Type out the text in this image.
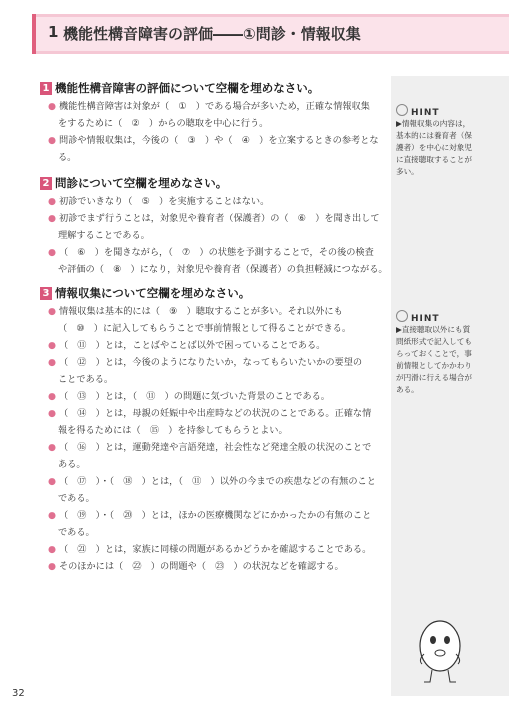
1 機能性構音障害の評価――①問診・情報収集
1 機能性構音障害の評価について空欄を埋めなさい。
● 機能性構音障害は対象が（　①　）である場合が多いため，正確な情報収集
をするために（　②　）からの聴取を中心に行う。
● 問診や情報収集は，今後の（　③　）や（　④　）を立案するときの参考とな
る。
2 問診について空欄を埋めなさい。
● 初診でいきなり（　⑤　）を実施することはない。
● 初診でまず行うことは，対象児や養育者（保護者）の（　⑥　）を聞き出して
理解することである。
● （　⑥　）を聞きながら，（　⑦　）の状態を予測することで，その後の検査
や評価の（　⑧　）になり，対象児や養育者（保護者）の負担軽減につながる。
3 情報収集について空欄を埋めなさい。
● 情報収集は基本的には（　⑨　）聴取することが多い。それ以外にも
（　⑩　）に記入してもらうことで事前情報として得ることができる。
● （　⑪　）とは，ことばやことば以外で困っていることである。
● （　⑫　）とは，今後のようになりたいか，なってもらいたいかの要望の
ことである。
● （　⑬　）とは，（　⑪　）の問題に気づいた背景のことである。
● （　⑭　）とは，母親の妊娠中や出産時などの状況のことである。正確な情
報を得るためには（　⑮　）を持参してもらうとよい。
● （　⑯　）とは，運動発達や言語発達，社会性など発達全般の状況のことで
ある。
● （　⑰　）・（　⑱　）とは，（　⑪　）以外の今までの疾患などの有無のこと
である。
● （　⑲　）・（　⑳　）とは，ほかの医療機関などにかかったかの有無のこと
である。
● （　㉑　）とは，家族に同様の問題があるかどうかを確認することである。
● そのほかには（　㉒　）の問題や（　㉓　）の状況などを確認する。
HINT
▶情報収集の内容は，
基本的には養育者（保
護者）を中心に対象児
に直接聴取することが
多い。
HINT
▶直接聴取以外にも質
問紙形式で記入しても
らっておくことで，事
前情報としてかかわり
が円滑に行える場合が
ある。
32
